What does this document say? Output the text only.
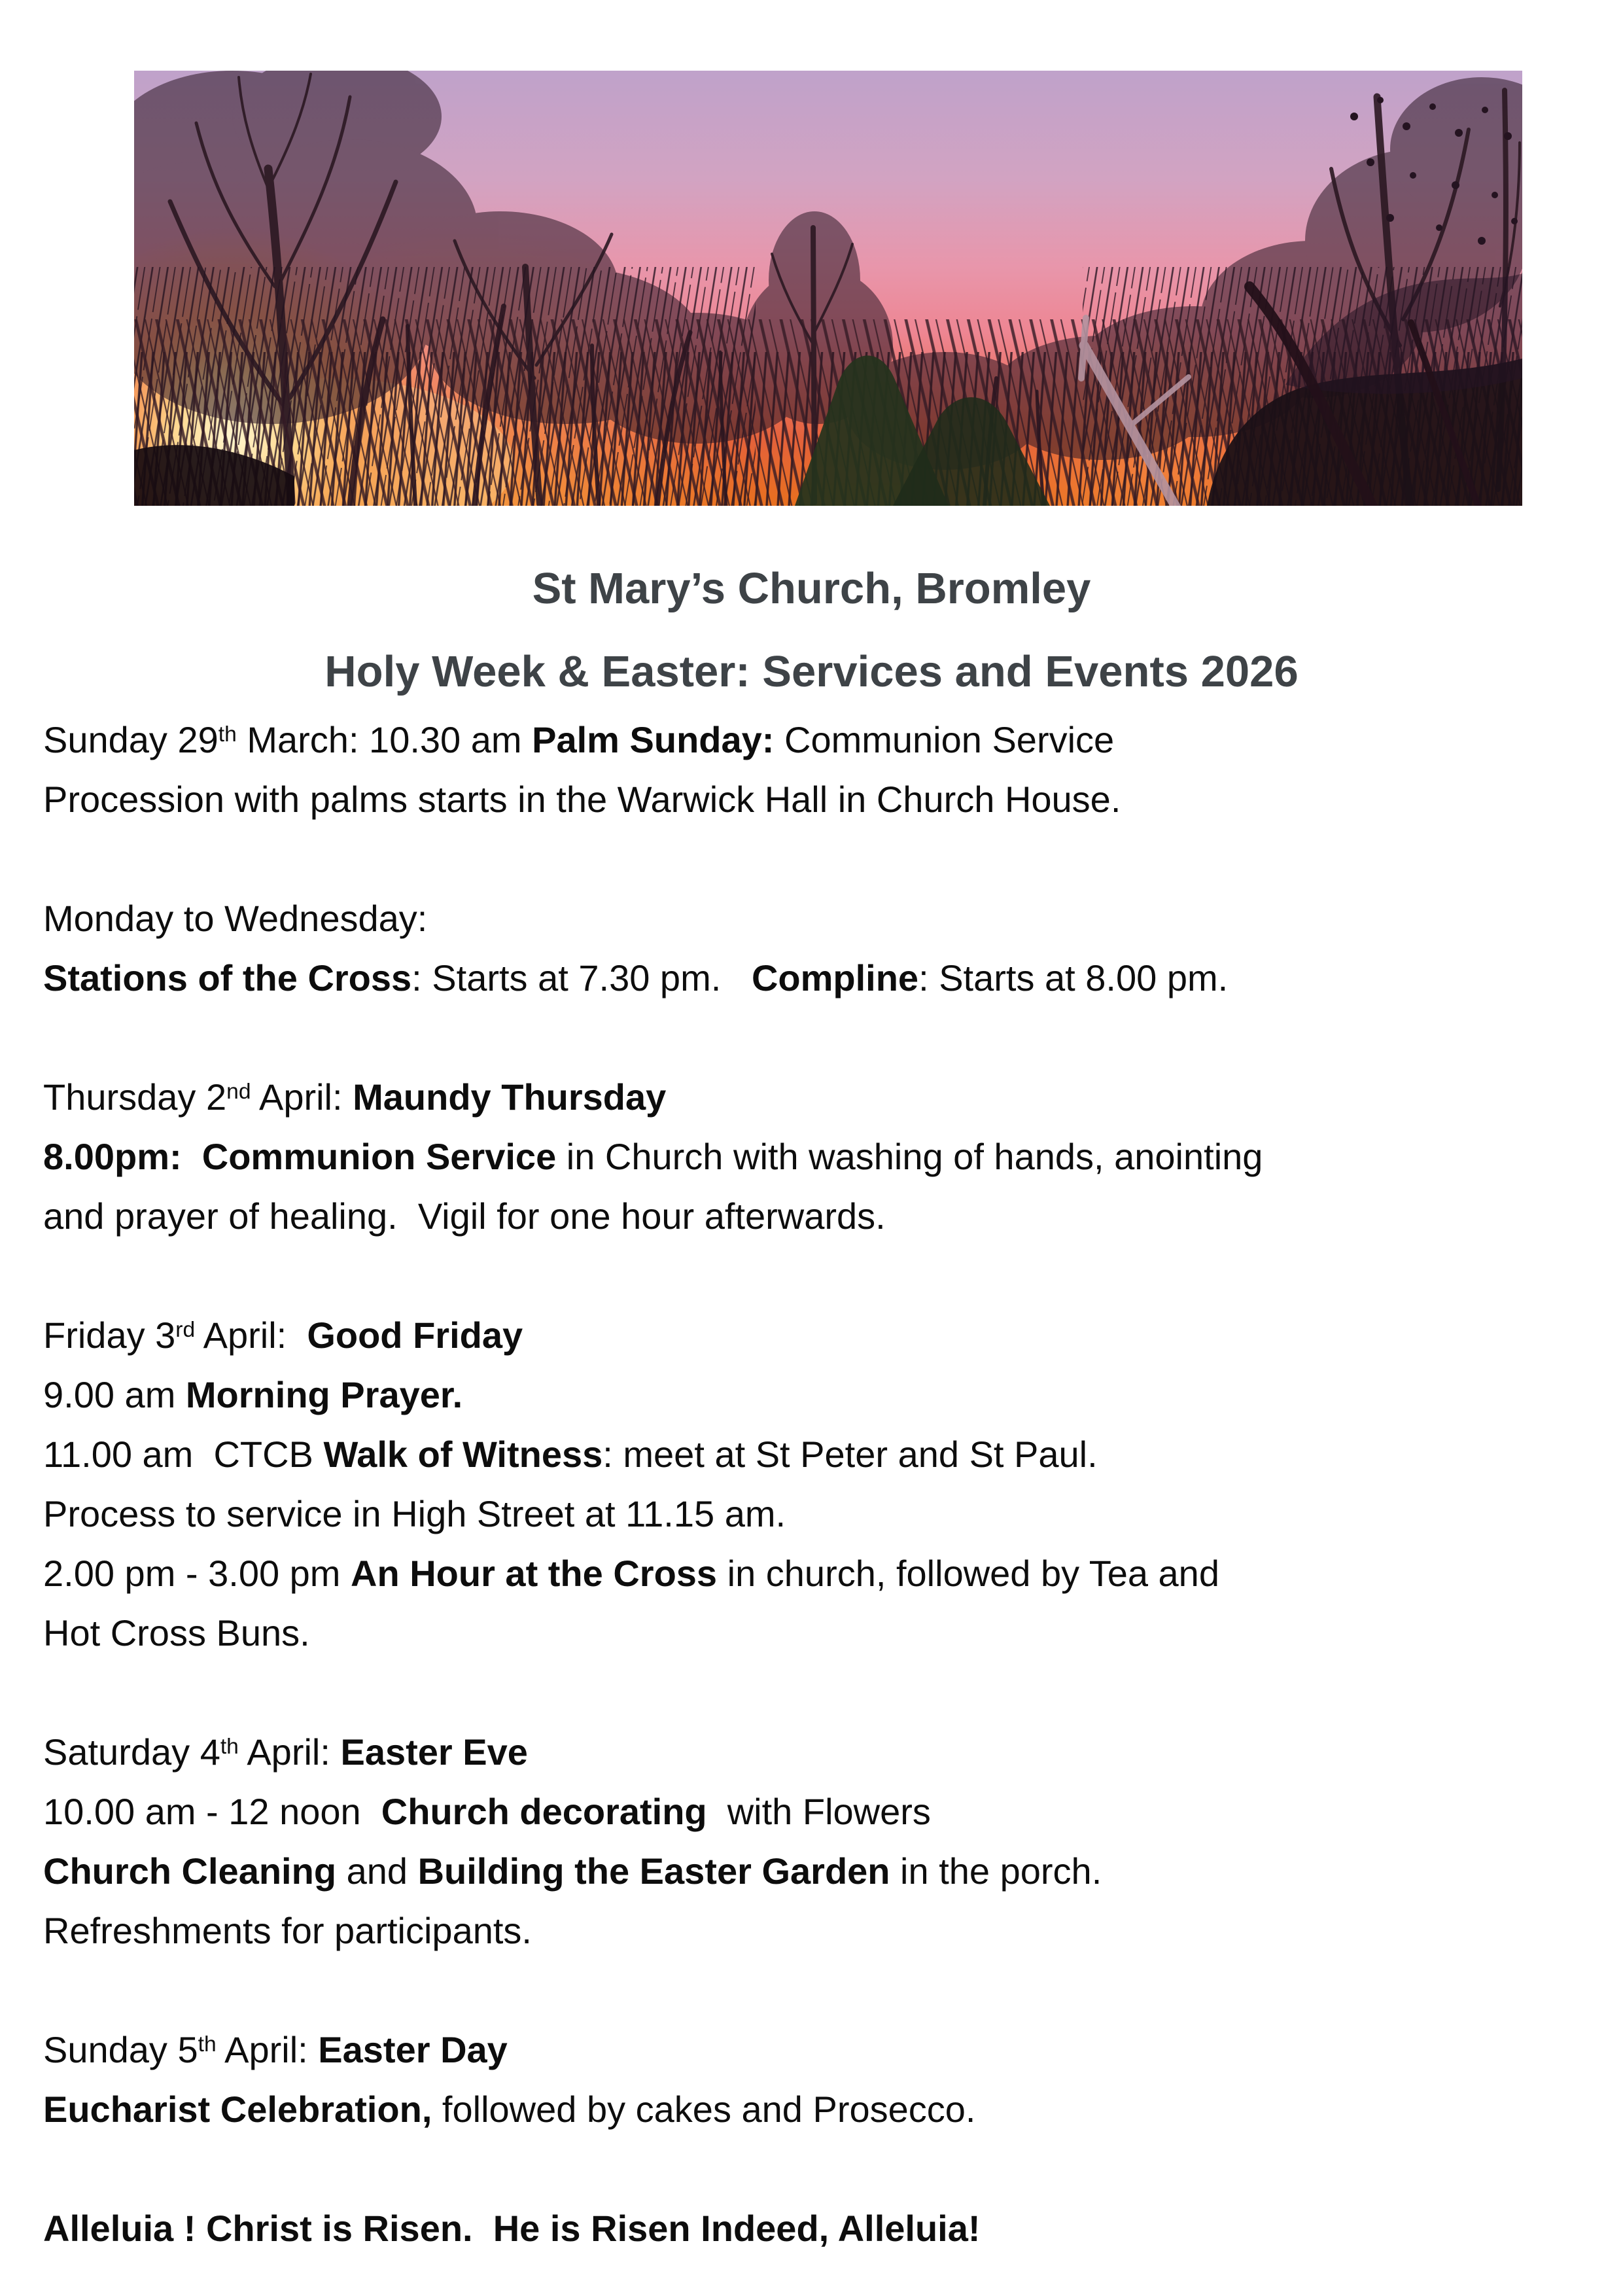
St Mary’s Church, Bromley
Holy Week & Easter: Services and Events 2026
Sunday 29th March: 10.30 am Palm Sunday: Communion Service
Procession with palms starts in the Warwick Hall in Church House.
Monday to Wednesday:
Stations of the Cross: Starts at 7.30 pm.   Compline: Starts at 8.00 pm.
Thursday 2nd April: Maundy Thursday
8.00pm:  Communion Service in Church with washing of hands, anointing
and prayer of healing.  Vigil for one hour afterwards.
Friday 3rd April:  Good Friday
9.00 am Morning Prayer.
11.00 am  CTCB Walk of Witness: meet at St Peter and St Paul.
Process to service in High Street at 11.15 am.
2.00 pm - 3.00 pm An Hour at the Cross in church, followed by Tea and
Hot Cross Buns.
Saturday 4th April: Easter Eve
10.00 am - 12 noon  Church decorating  with Flowers
Church Cleaning and Building the Easter Garden in the porch.
Refreshments for participants.
Sunday 5th April: Easter Day
Eucharist Celebration, followed by cakes and Prosecco.
Alleluia ! Christ is Risen.  He is Risen Indeed, Alleluia!
